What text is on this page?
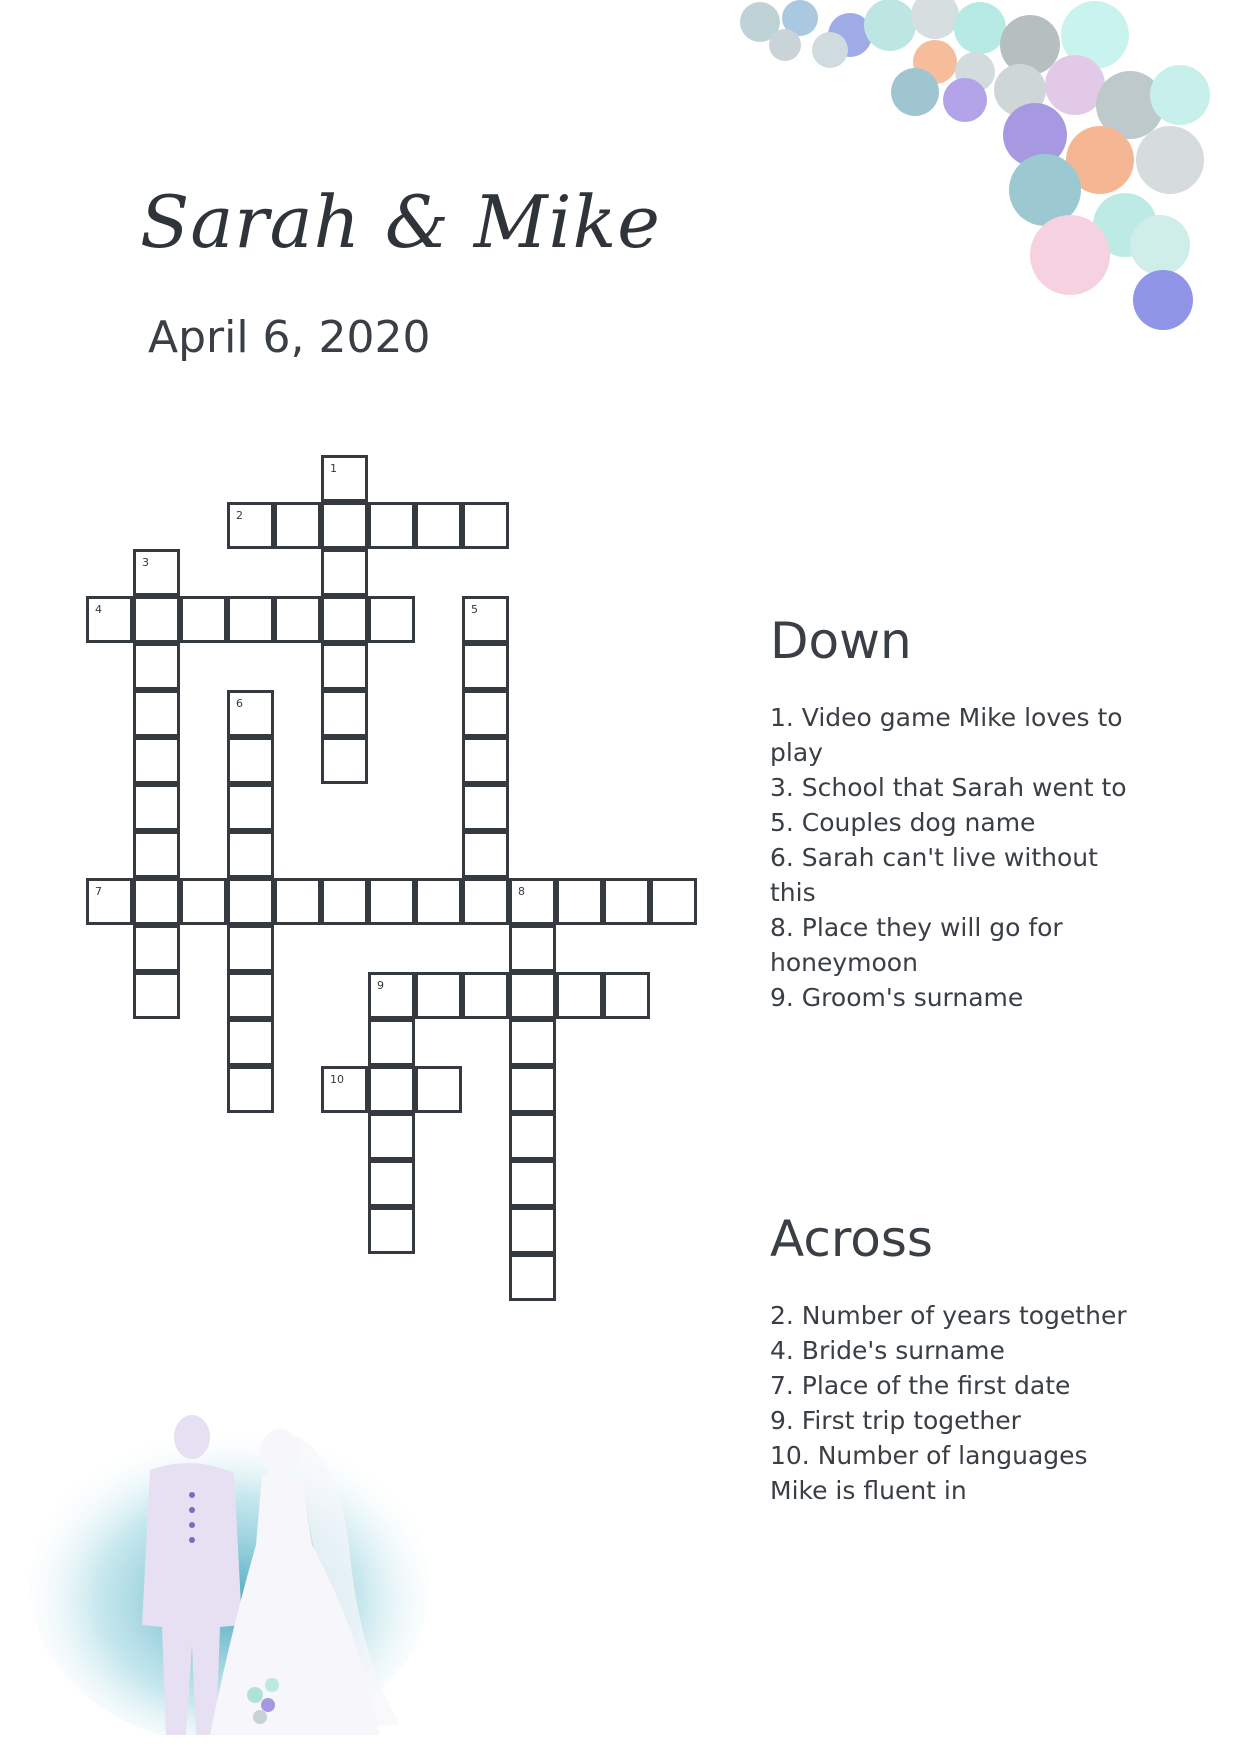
Sarah & Mike
April 6, 2020
1
2
3
4	5
6
7	8
9
10
Down
1. Video game Mike loves to play
3. School that Sarah went to
5. Couples dog name
6. Sarah can't live without this
8. Place they will go for honeymoon
9. Groom's surname
Across
2. Number of years together
4. Bride's surname
7. Place of the first date
9. First trip together
10. Number of languages Mike is fluent in
